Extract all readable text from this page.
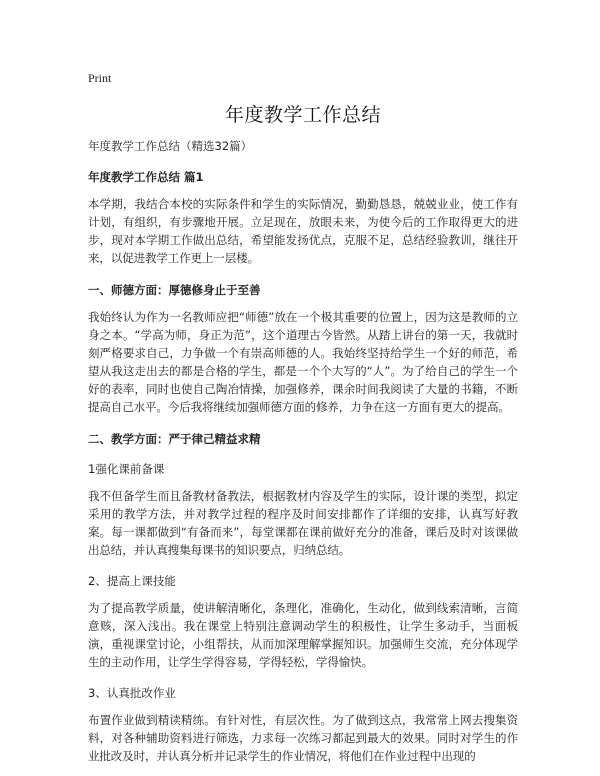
Print
年度教学工作总结

年度教学工作总结（精选32篇）

年度教学工作总结 篇1

本学期，我结合本校的实际条件和学生的实际情况，勤勤恳恳，兢兢业业，使工作有计划，有组织，有步骤地开展。立足现在，放眼未来，为使今后的工作取得更大的进步，现对本学期工作做出总结，希望能发扬优点，克服不足，总结经验教训，继往开来，以促进教学工作更上一层楼。

一、师德方面：厚德修身止于至善

我始终认为作为一名教师应把“师德”放在一个极其重要的位置上，因为这是教师的立身之本。“学高为师，身正为范”，这个道理古今皆然。从踏上讲台的第一天，我就时刻严格要求自己，力争做一个有崇高师德的人。我始终坚持给学生一个好的师范，希望从我这走出去的都是合格的学生，都是一个个大写的“人”。为了给自己的学生一个好的表率，同时也使自己陶冶情操，加强修养，课余时间我阅读了大量的书籍，不断提高自己水平。今后我将继续加强师德方面的修养，力争在这一方面有更大的提高。

二、教学方面：严于律己精益求精

1强化课前备课

我不但备学生而且备教材备教法，根据教材内容及学生的实际，设计课的类型，拟定采用的教学方法，并对教学过程的程序及时间安排都作了详细的安排，认真写好教案。每一课都做到“有备而来”，每堂课都在课前做好充分的准备，课后及时对该课做出总结，并认真搜集每课书的知识要点，归纳总结。

2、提高上课技能

为了提高教学质量，使讲解清晰化，条理化，准确化，生动化，做到线索清晰，言简意赅，深入浅出。我在课堂上特别注意调动学生的积极性，让学生多动手，当面板演，重视课堂讨论，小组帮扶，从而加深理解掌握知识。加强师生交流，充分体现学生的主动作用，让学生学得容易，学得轻松，学得愉快。

3、认真批改作业

布置作业做到精读精练。有针对性，有层次性。为了做到这点，我常常上网去搜集资料，对各种辅助资料进行筛选，力求每一次练习都起到最大的效果。同时对学生的作业批改及时，并认真分析并记录学生的作业情况，将他们在作业过程中出现的
